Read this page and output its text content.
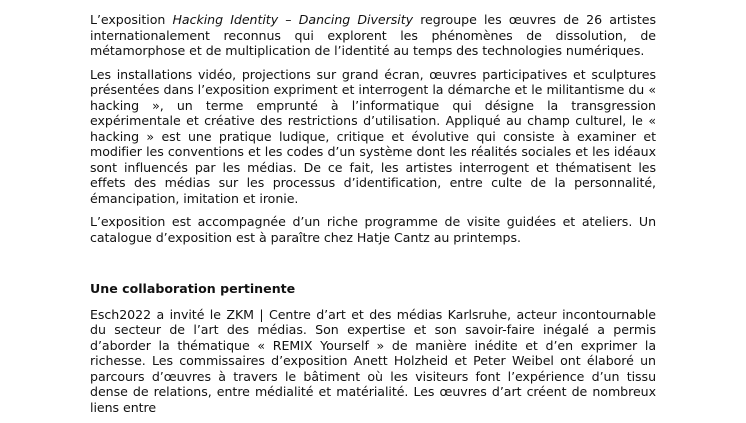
L’exposition Hacking Identity – Dancing Diversity regroupe les œuvres de 26 artistes internationalement reconnus qui explorent les phénomènes de dissolution, de métamorphose et de multiplication de l’identité au temps des technologies numériques.

Les installations vidéo, projections sur grand écran, œuvres participatives et sculptures présentées dans l’exposition expriment et interrogent la démarche et le militantisme du « hacking », un terme emprunté à l’informatique qui désigne la transgression expérimentale et créative des restrictions d’utilisation. Appliqué au champ culturel, le « hacking » est une pratique ludique, critique et évolutive qui consiste à examiner et modifier les conventions et les codes d’un système dont les réalités sociales et les idéaux sont influencés par les médias. De ce fait, les artistes interrogent et thématisent les effets des médias sur les processus d’identification, entre culte de la personnalité, émancipation, imitation et ironie.

L’exposition est accompagnée d’un riche programme de visite guidées et ateliers. Un catalogue d’exposition est à paraître chez Hatje Cantz au printemps.

Une collaboration pertinente

Esch2022 a invité le ZKM | Centre d’art et des médias Karlsruhe, acteur incontournable du secteur de l’art des médias. Son expertise et son savoir-faire inégalé a permis d’aborder la thématique « REMIX Yourself » de manière inédite et d’en exprimer la richesse. Les commissaires d’exposition Anett Holzheid et Peter Weibel ont élaboré un parcours d’œuvres à travers le bâtiment où les visiteurs font l’expérience d’un tissu dense de relations, entre médialité et matérialité. Les œuvres d’art créent de nombreux liens entre
